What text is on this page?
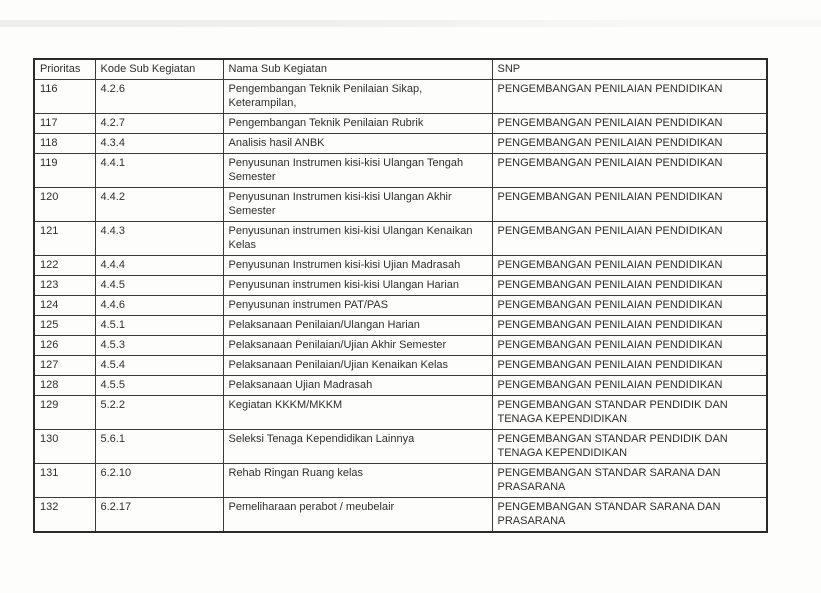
Prioritas	Kode Sub Kegiatan	Nama Sub Kegiatan	SNP
116	4.2.6	Pengembangan Teknik Penilaian Sikap, Keterampilan,	PENGEMBANGAN PENILAIAN PENDIDIKAN
117	4.2.7	Pengembangan Teknik Penilaian Rubrik	PENGEMBANGAN PENILAIAN PENDIDIKAN
118	4.3.4	Analisis hasil ANBK	PENGEMBANGAN PENILAIAN PENDIDIKAN
119	4.4.1	Penyusunan Instrumen kisi-kisi Ulangan Tengah Semester	PENGEMBANGAN PENILAIAN PENDIDIKAN
120	4.4.2	Penyusunan Instrumen kisi-kisi Ulangan Akhir Semester	PENGEMBANGAN PENILAIAN PENDIDIKAN
121	4.4.3	Penyusunan instrumen kisi-kisi Ulangan Kenaikan Kelas	PENGEMBANGAN PENILAIAN PENDIDIKAN
122	4.4.4	Penyusunan Instrumen kisi-kisi Ujian Madrasah	PENGEMBANGAN PENILAIAN PENDIDIKAN
123	4.4.5	Penyusunan instrumen kisi-kisi Ulangan Harian	PENGEMBANGAN PENILAIAN PENDIDIKAN
124	4.4.6	Penyusunan instrumen PAT/PAS	PENGEMBANGAN PENILAIAN PENDIDIKAN
125	4.5.1	Pelaksanaan Penilaian/Ulangan Harian	PENGEMBANGAN PENILAIAN PENDIDIKAN
126	4.5.3	Pelaksanaan Penilaian/Ujian Akhir Semester	PENGEMBANGAN PENILAIAN PENDIDIKAN
127	4.5.4	Pelaksanaan Penilaian/Ujian Kenaikan Kelas	PENGEMBANGAN PENILAIAN PENDIDIKAN
128	4.5.5	Pelaksanaan Ujian Madrasah	PENGEMBANGAN PENILAIAN PENDIDIKAN
129	5.2.2	Kegiatan KKKM/MKKM	PENGEMBANGAN STANDAR PENDIDIK DAN TENAGA KEPENDIDIKAN
130	5.6.1	Seleksi Tenaga Kependidikan Lainnya	PENGEMBANGAN STANDAR PENDIDIK DAN TENAGA KEPENDIDIKAN
131	6.2.10	Rehab Ringan Ruang kelas	PENGEMBANGAN STANDAR SARANA DAN PRASARANA
132	6.2.17	Pemeliharaan perabot / meubelair	PENGEMBANGAN STANDAR SARANA DAN PRASARANA
